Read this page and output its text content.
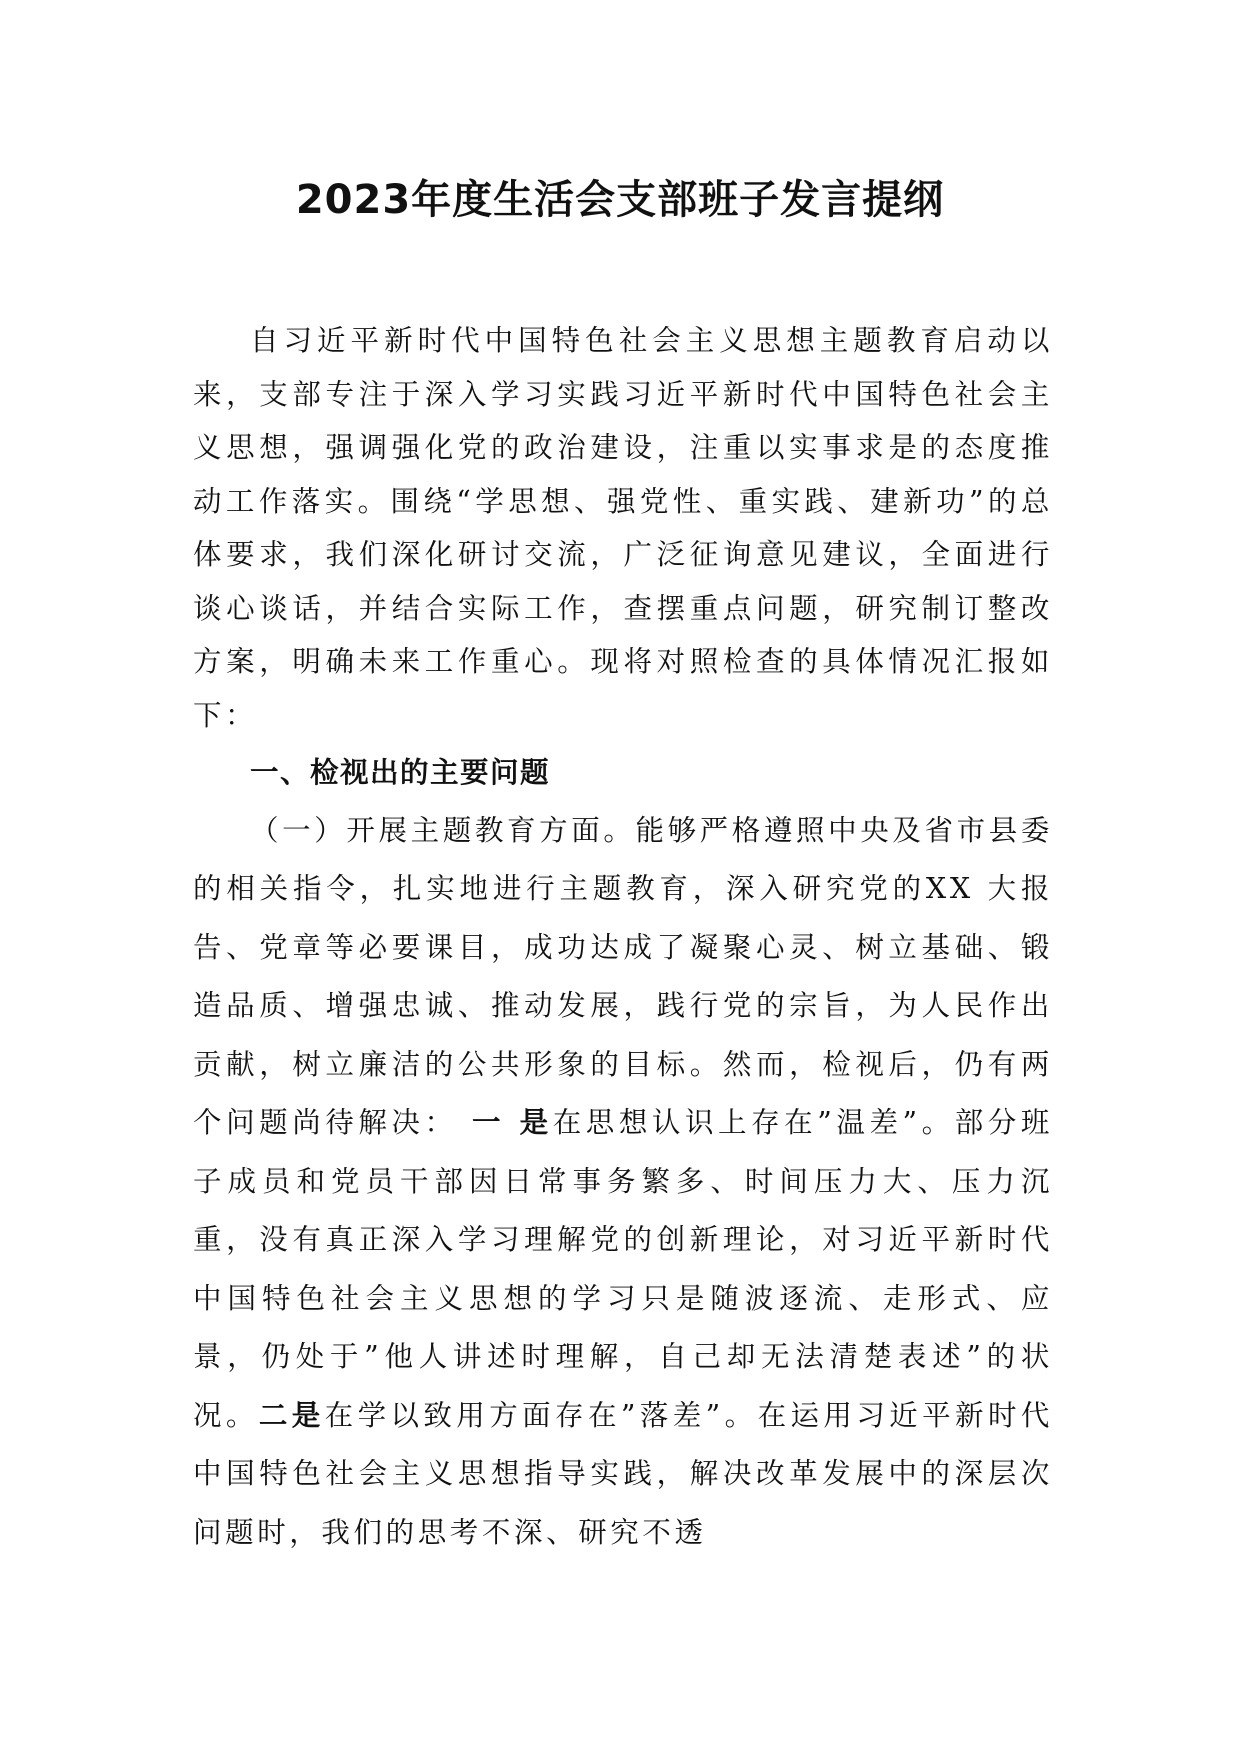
2023年度生活会支部班子发言提纲

自习近平新时代中国特色社会主义思想主题教育启动以来，支部专注于深入学习实践习近平新时代中国特色社会主义思想，强调强化党的政治建设，注重以实事求是的态度推动工作落实。围绕“学思想、强党性、重实践、建新功”的总体要求，我们深化研讨交流，广泛征询意见建议，全面进行谈心谈话，并结合实际工作，查摆重点问题，研究制订整改方案，明确未来工作重心。现将对照检查的具体情况汇报如下：

一、检视出的主要问题

（一）开展主题教育方面。能够严格遵照中央及省市县委的相关指令，扎实地进行主题教育，深入研究党的XX 大报告、党章等必要课目，成功达成了凝聚心灵、树立基础、锻造品质、增强忠诚、推动发展，践行党的宗旨，为人民作出贡献，树立廉洁的公共形象的目标。然而，检视后，仍有两个问题尚待解决： 一 是在思想认识上存在”温差”。部分班子成员和党员干部因日常事务繁多、时间压力大、压力沉重，没有真正深入学习理解党的创新理论，对习近平新时代中国特色社会主义思想的学习只是随波逐流、走形式、应景，仍处于”他人讲述时理解，自己却无法清楚表述”的状况。二是在学以致用方面存在”落差”。在运用习近平新时代中国特色社会主义思想指导实践，解决改革发展中的深层次问题时，我们的思考不深、研究不透
